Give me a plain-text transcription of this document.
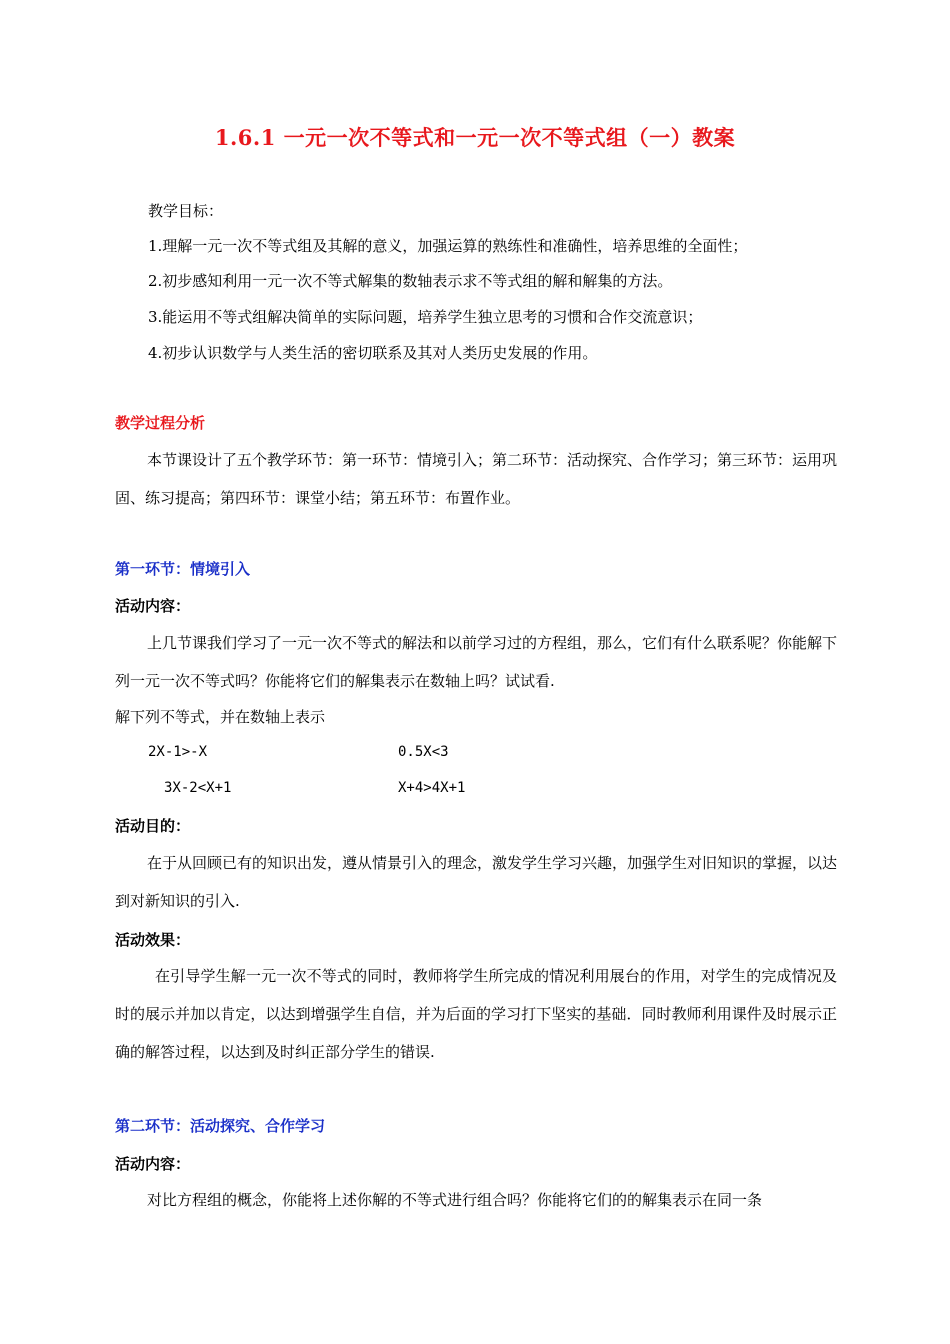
1.6.1 一元一次不等式和一元一次不等式组（一）教案
教学目标：
1.理解一元一次不等式组及其解的意义，加强运算的熟练性和准确性，培养思维的全面性；
2.初步感知利用一元一次不等式解集的数轴表示求不等式组的解和解集的方法。
3.能运用不等式组解决简单的实际问题，培养学生独立思考的习惯和合作交流意识；
4.初步认识数学与人类生活的密切联系及其对人类历史发展的作用。
教学过程分析
本节课设计了五个教学环节：第一环节：情境引入；第二环节：活动探究、合作学习；第三环节：运用巩固、练习提高；第四环节：课堂小结；第五环节：布置作业。
第一环节：情境引入
活动内容：
上几节课我们学习了一元一次不等式的解法和以前学习过的方程组，那么，它们有什么联系呢？你能解下列一元一次不等式吗？你能将它们的解集表示在数轴上吗？试试看.
解下列不等式，并在数轴上表示
2X-1>-X	0.5X<3
3X-2<X+1	X+4>4X+1
活动目的：
在于从回顾已有的知识出发，遵从情景引入的理念，激发学生学习兴趣，加强学生对旧知识的掌握，以达到对新知识的引入.
活动效果：
在引导学生解一元一次不等式的同时，教师将学生所完成的情况利用展台的作用，对学生的完成情况及时的展示并加以肯定，以达到增强学生自信，并为后面的学习打下坚实的基础．同时教师利用课件及时展示正确的解答过程，以达到及时纠正部分学生的错误.
第二环节：活动探究、合作学习
活动内容：
对比方程组的概念，你能将上述你解的不等式进行组合吗？你能将它们的的解集表示在同一条
